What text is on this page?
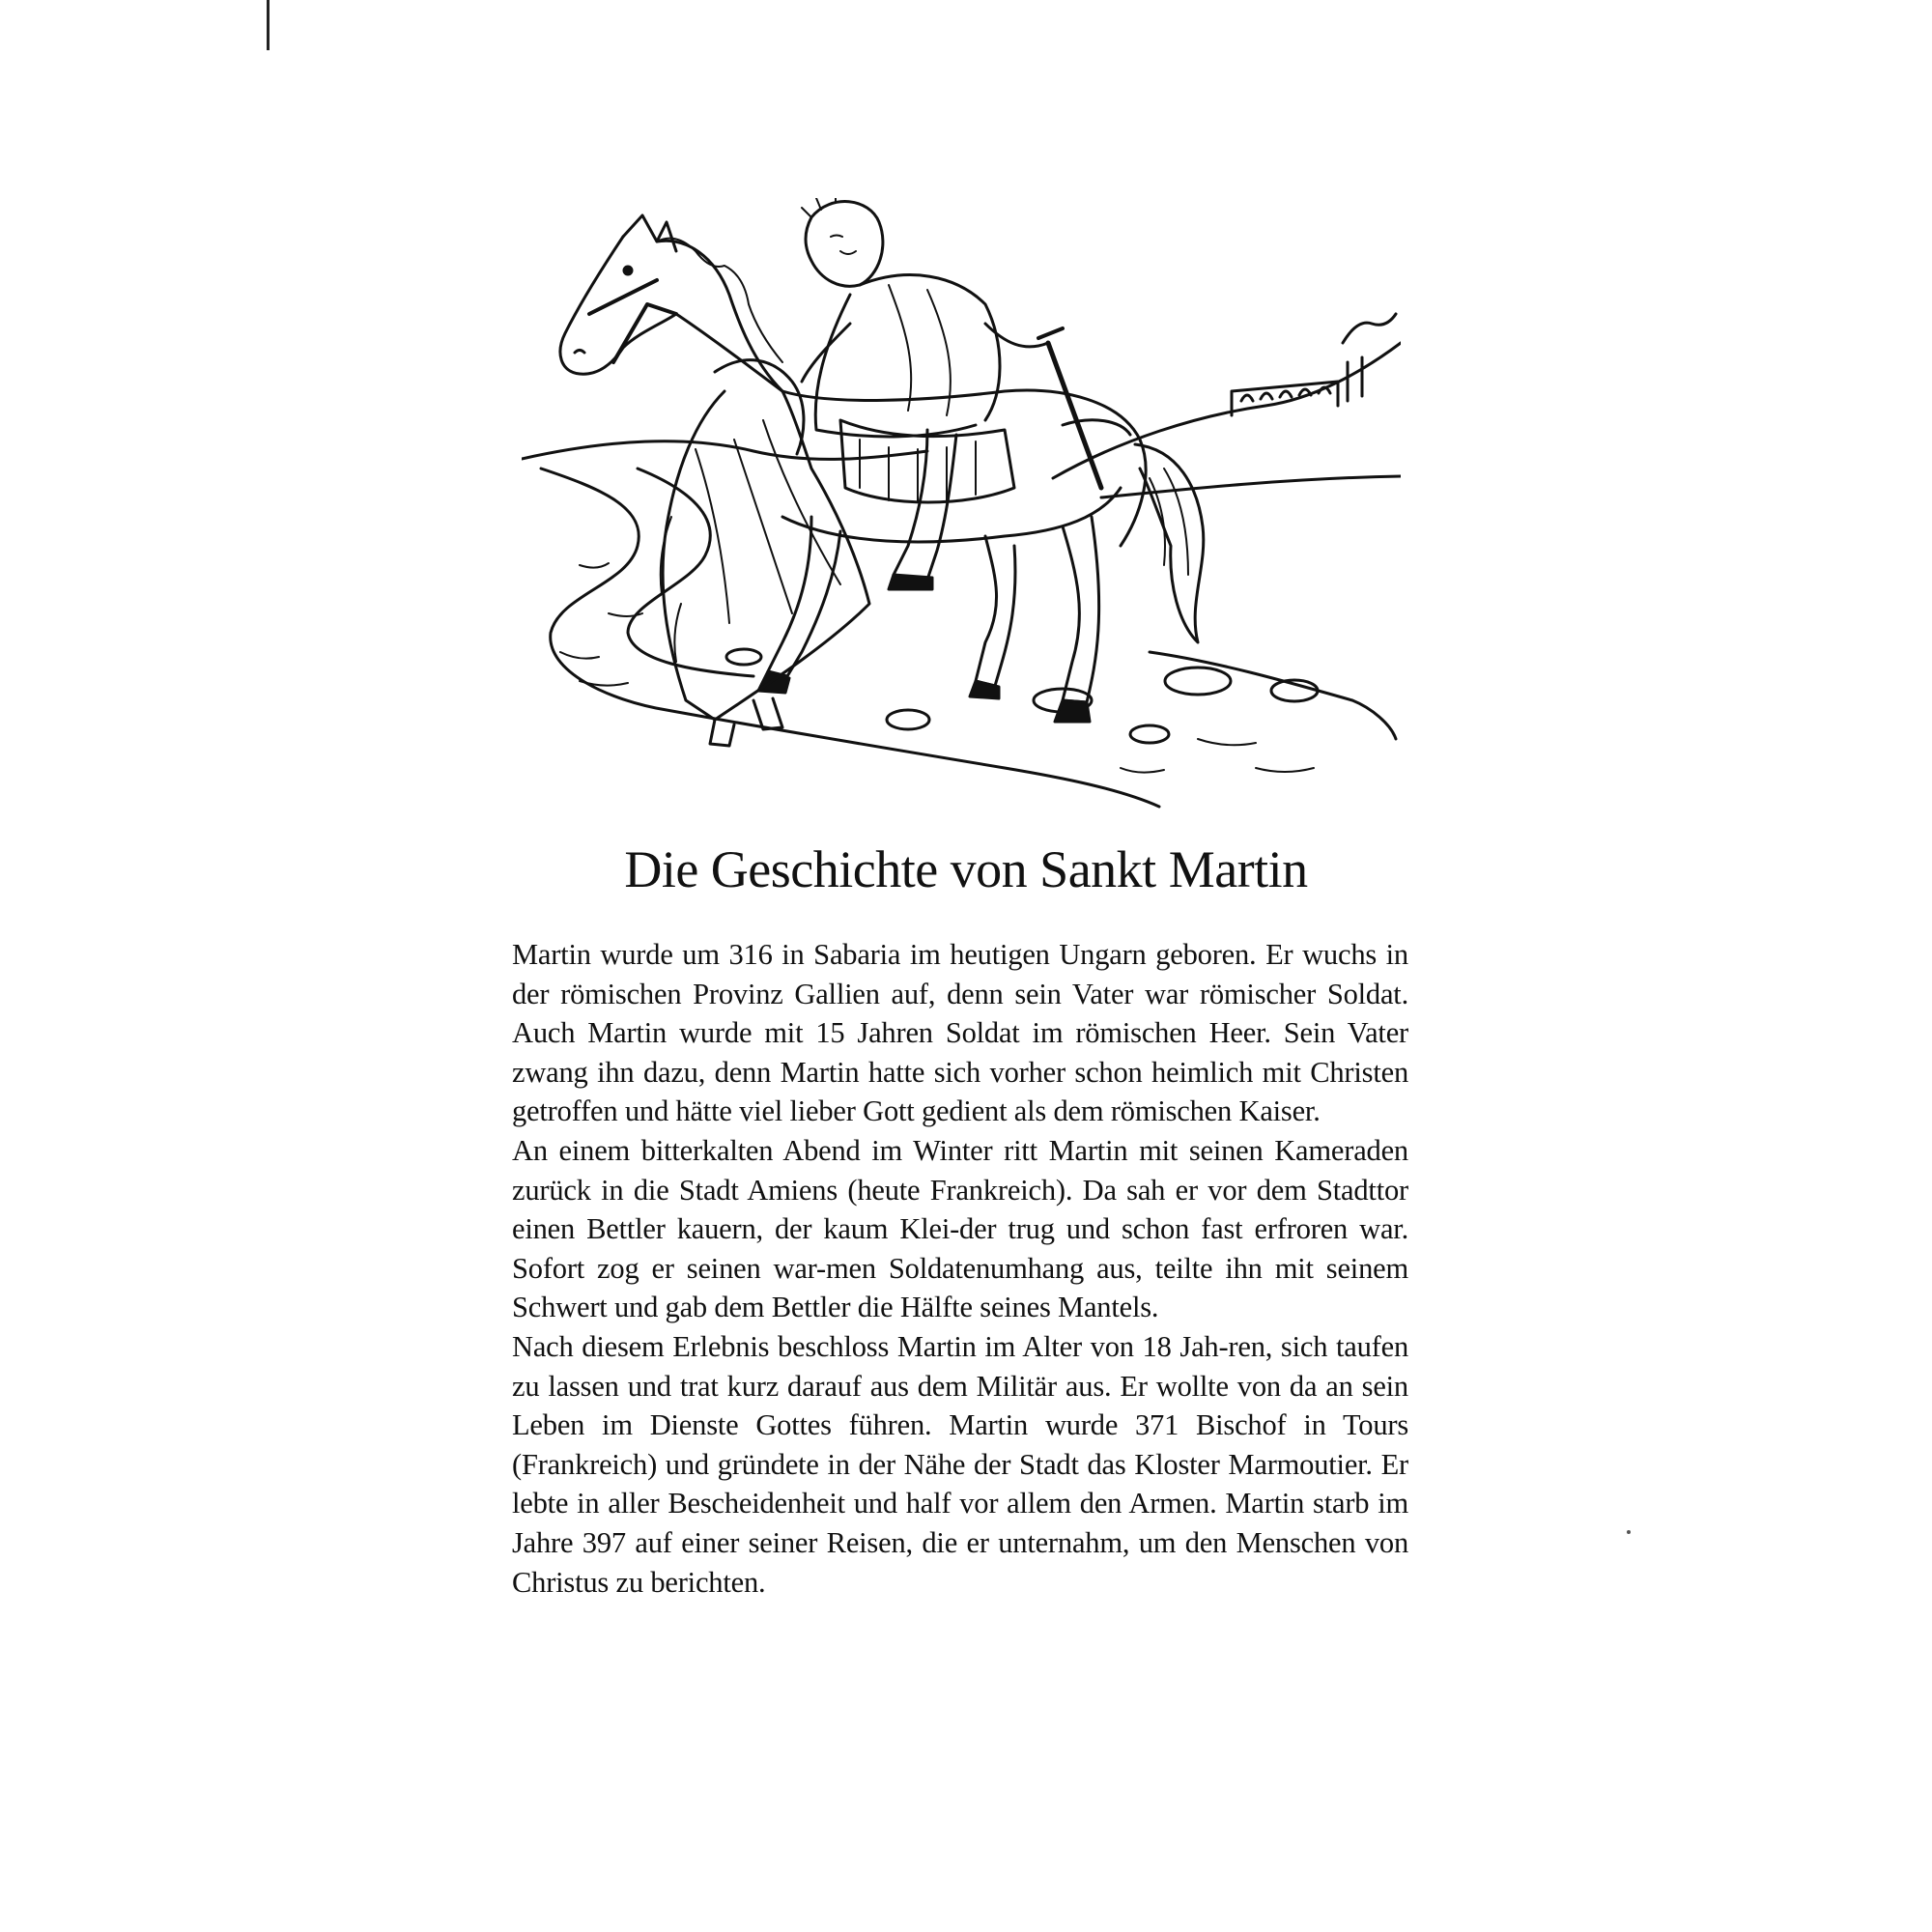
Die Geschichte von Sankt Martin

Martin wurde um 316 in Sabaria im heutigen Ungarn geboren. Er wuchs in der römischen Provinz Gallien auf, denn sein Vater war römischer Soldat. Auch Martin wurde mit 15 Jahren Soldat im römischen Heer. Sein Vater zwang ihn dazu, denn Martin hatte sich vorher schon heimlich mit Christen getroffen und hätte viel lieber Gott gedient als dem römischen Kaiser.

An einem bitterkalten Abend im Winter ritt Martin mit seinen Kameraden zurück in die Stadt Amiens (heute Frankreich). Da sah er vor dem Stadttor einen Bettler kauern, der kaum Klei-der trug und schon fast erfroren war. Sofort zog er seinen war-men Soldatenumhang aus, teilte ihn mit seinem Schwert und gab dem Bettler die Hälfte seines Mantels.

Nach diesem Erlebnis beschloss Martin im Alter von 18 Jah-ren, sich taufen zu lassen und trat kurz darauf aus dem Militär aus. Er wollte von da an sein Leben im Dienste Gottes führen. Martin wurde 371 Bischof in Tours (Frankreich) und gründete in der Nähe der Stadt das Kloster Marmoutier. Er lebte in aller Bescheidenheit und half vor allem den Armen. Martin starb im Jahre 397 auf einer seiner Reisen, die er unternahm, um den Menschen von Christus zu berichten.
